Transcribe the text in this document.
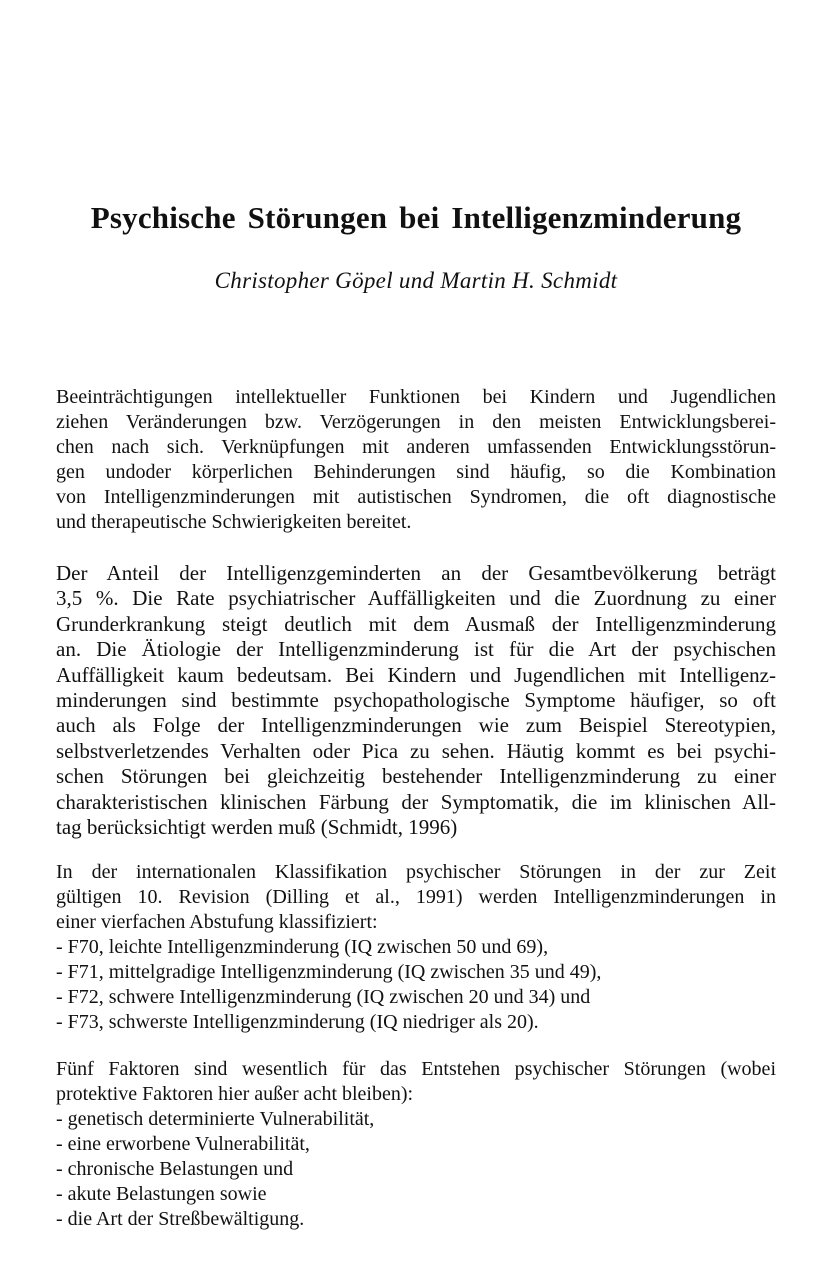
Psychische Störungen bei Intelligenzminderung

Christopher Göpel und Martin H. Schmidt

Beeinträchtigungen intellektueller Funktionen bei Kindern und Jugendlichen
ziehen Veränderungen bzw. Verzögerungen in den meisten Entwicklungsberei-
chen nach sich. Verknüpfungen mit anderen umfassenden Entwicklungsstörun-
gen undoder körperlichen Behinderungen sind häufig, so die Kombination
von Intelligenzminderungen mit autistischen Syndromen, die oft diagnostische
und therapeutische Schwierigkeiten bereitet.
Der Anteil der Intelligenzgeminderten an der Gesamtbevölkerung beträgt
3,5 %. Die Rate psychiatrischer Auffälligkeiten und die Zuordnung zu einer
Grunderkrankung steigt deutlich mit dem Ausmaß der Intelligenzminderung
an. Die Ätiologie der Intelligenzminderung ist für die Art der psychischen
Auffälligkeit kaum bedeutsam. Bei Kindern und Jugendlichen mit Intelligenz-
minderungen sind bestimmte psychopathologische Symptome häufiger, so oft
auch als Folge der Intelligenzminderungen wie zum Beispiel Stereotypien,
selbstverletzendes Verhalten oder Pica zu sehen. Häutig kommt es bei psychi-
schen Störungen bei gleichzeitig bestehender Intelligenzminderung zu einer
charakteristischen klinischen Färbung der Symptomatik, die im klinischen All-
tag berücksichtigt werden muß (Schmidt, 1996)
In der internationalen Klassifikation psychischer Störungen in der zur Zeit
gültigen 10. Revision (Dilling et al., 1991) werden Intelligenzminderungen in
einer vierfachen Abstufung klassifiziert:
- F70, leichte Intelligenzminderung (IQ zwischen 50 und 69),
- F71, mittelgradige Intelligenzminderung (IQ zwischen 35 und 49),
- F72, schwere Intelligenzminderung (IQ zwischen 20 und 34) und
- F73, schwerste Intelligenzminderung (IQ niedriger als 20).
Fünf Faktoren sind wesentlich für das Entstehen psychischer Störungen (wobei
protektive Faktoren hier außer acht bleiben):
- genetisch determinierte Vulnerabilität,
- eine erworbene Vulnerabilität,
- chronische Belastungen und
- akute Belastungen sowie
- die Art der Streßbewältigung.
